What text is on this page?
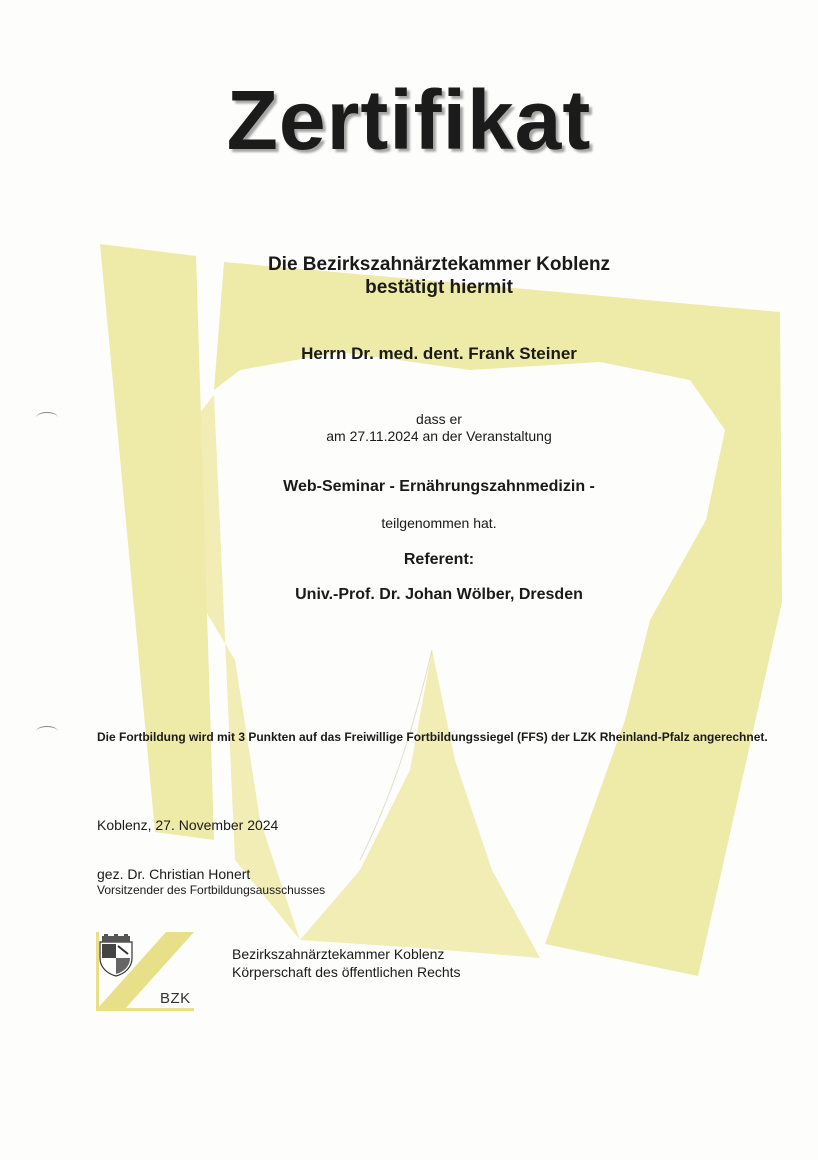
Zertifikat
Die Bezirkszahnärztekammer Koblenz
bestätigt hiermit
Herrn Dr. med. dent. Frank Steiner
dass er
am 27.11.2024 an der Veranstaltung
Web-Seminar - Ernährungszahnmedizin -
teilgenommen hat.
Referent:
Univ.-Prof. Dr. Johan Wölber, Dresden
Die Fortbildung wird mit 3 Punkten auf das Freiwillige Fortbildungssiegel (FFS) der LZK Rheinland-Pfalz angerechnet.
Koblenz, 27. November 2024
gez. Dr. Christian Honert
Vorsitzender des Fortbildungsausschusses
BZK
Bezirkszahnärztekammer Koblenz
Körperschaft des öffentlichen Rechts
